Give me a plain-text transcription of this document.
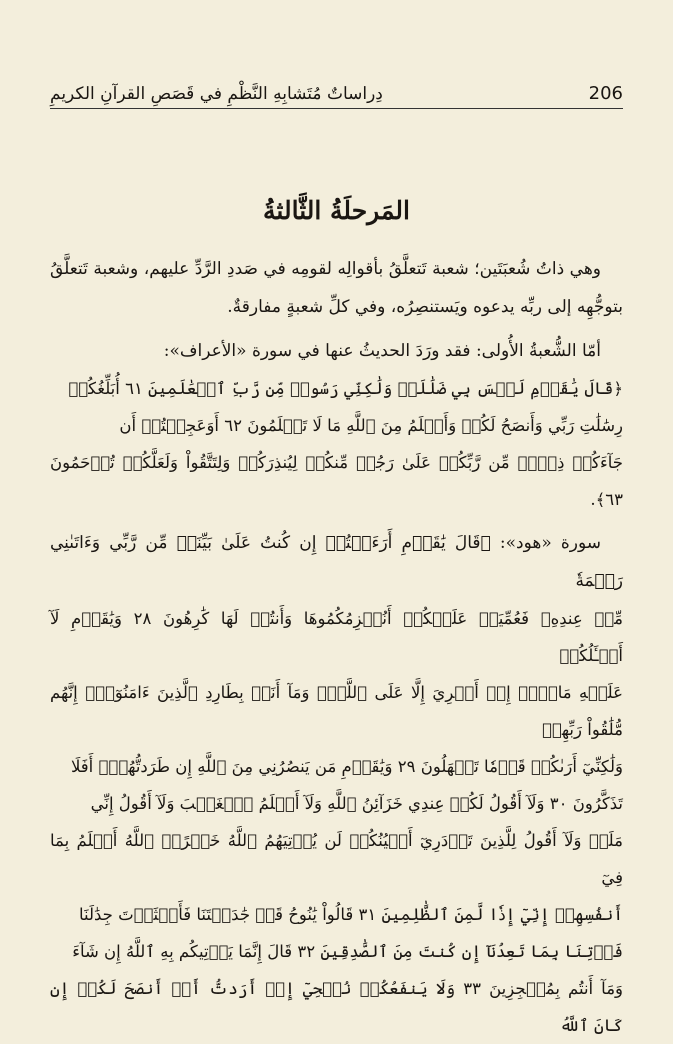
206
دِراساتٌ مُتَشابِهِ النَّظْمِ في قَصَصِ القرآنِ الكريمِ
المَرحلَةُ الثَّالثةُ

وهي ذاتُ شُعبَتَين؛ شعبة تَتعلَّقُ بأقوالِه لقومِه في صَددِ الرَّدِّ عليهم، وشعبة تَتعلَّقُ بتوجُّهِه إلى ربِّه يدعوه ويَستنصِرُه، وفي كلِّ شعبةٍ مفارقةٌ.

أمّا الشُّعبةُ الأُولى: فقد ورَدَ الحديثُ عنها في سورة «الأعراف»:

﴿قَالَ يَٰقَوۡمِ لَيۡسَ بِي ضَلَٰلَةٞ وَلَٰكِنِّي رَسُولٞ مِّن رَّبِّ ٱلۡعَٰلَمِينَ ٦١ أُبَلِّغُكُمۡ

رِسَٰلَٰتِ رَبِّي وَأَنصَحُ لَكُمۡ وَأَعۡلَمُ مِنَ ٱللَّهِ مَا لَا تَعۡلَمُونَ ٦٢ أَوَعَجِبۡتُمۡ أَن

جَآءَكُمۡ ذِكۡرٞ مِّن رَّبِّكُمۡ عَلَىٰ رَجُلٖ مِّنكُمۡ لِيُنذِرَكُمۡ وَلِتَتَّقُواْ وَلَعَلَّكُمۡ تُرۡحَمُونَ ٦٣﴾.

سورة «هود»: ﴿قَالَ يَٰقَوۡمِ أَرَءَيۡتُمۡ إِن كُنتُ عَلَىٰ بَيِّنَةٖ مِّن رَّبِّي وَءَاتَىٰنِي رَحۡمَةٗ

مِّنۡ عِندِهِۦ فَعُمِّيَتۡ عَلَيۡكُمۡ أَنُلۡزِمُكُمُوهَا وَأَنتُمۡ لَهَا كَٰرِهُونَ ٢٨ وَيَٰقَوۡمِ لَآ أَسۡـَٔلُكُمۡ

عَلَيۡهِ مَالًاۖ إِنۡ أَجۡرِيَ إِلَّا عَلَى ٱللَّهِۚ وَمَآ أَنَا۠ بِطَارِدِ ٱلَّذِينَ ءَامَنُوٓاْۚ إِنَّهُم مُّلَٰقُواْ رَبِّهِمۡ

وَلَٰكِنِّيٓ أَرَىٰكُمۡ قَوۡمٗا تَجۡهَلُونَ ٢٩ وَيَٰقَوۡمِ مَن يَنصُرُنِي مِنَ ٱللَّهِ إِن طَرَدتُّهُمۡۚ أَفَلَا

تَذَكَّرُونَ ٣٠ وَلَآ أَقُولُ لَكُمۡ عِندِي خَزَآئِنُ ٱللَّهِ وَلَآ أَعۡلَمُ ٱلۡغَيۡبَ وَلَآ أَقُولُ إِنِّي

مَلَكٞ وَلَآ أَقُولُ لِلَّذِينَ تَزۡدَرِيٓ أَعۡيُنُكُمۡ لَن يُؤۡتِيَهُمُ ٱللَّهُ خَيۡرًاۖ ٱللَّهُ أَعۡلَمُ بِمَا فِيٓ

أَنفُسِهِمۡ إِنِّيٓ إِذٗا لَّمِنَ ٱلظَّٰلِمِينَ ٣١ قَالُواْ يَٰنُوحُ قَدۡ جَٰدَلۡتَنَا فَأَكۡثَرۡتَ جِدَٰلَنَا

فَأۡتِنَا بِمَا تَعِدُنَآ إِن كُنتَ مِنَ ٱلصَّٰدِقِينَ ٣٢ قَالَ إِنَّمَا يَأۡتِيكُم بِهِ ٱللَّهُ إِن شَآءَ

وَمَآ أَنتُم بِمُعۡجِزِينَ ٣٣ وَلَا يَنفَعُكُمۡ نُصۡحِيٓ إِنۡ أَرَدتُّ أَنۡ أَنصَحَ لَكُمۡ إِن كَانَ ٱللَّهُ
